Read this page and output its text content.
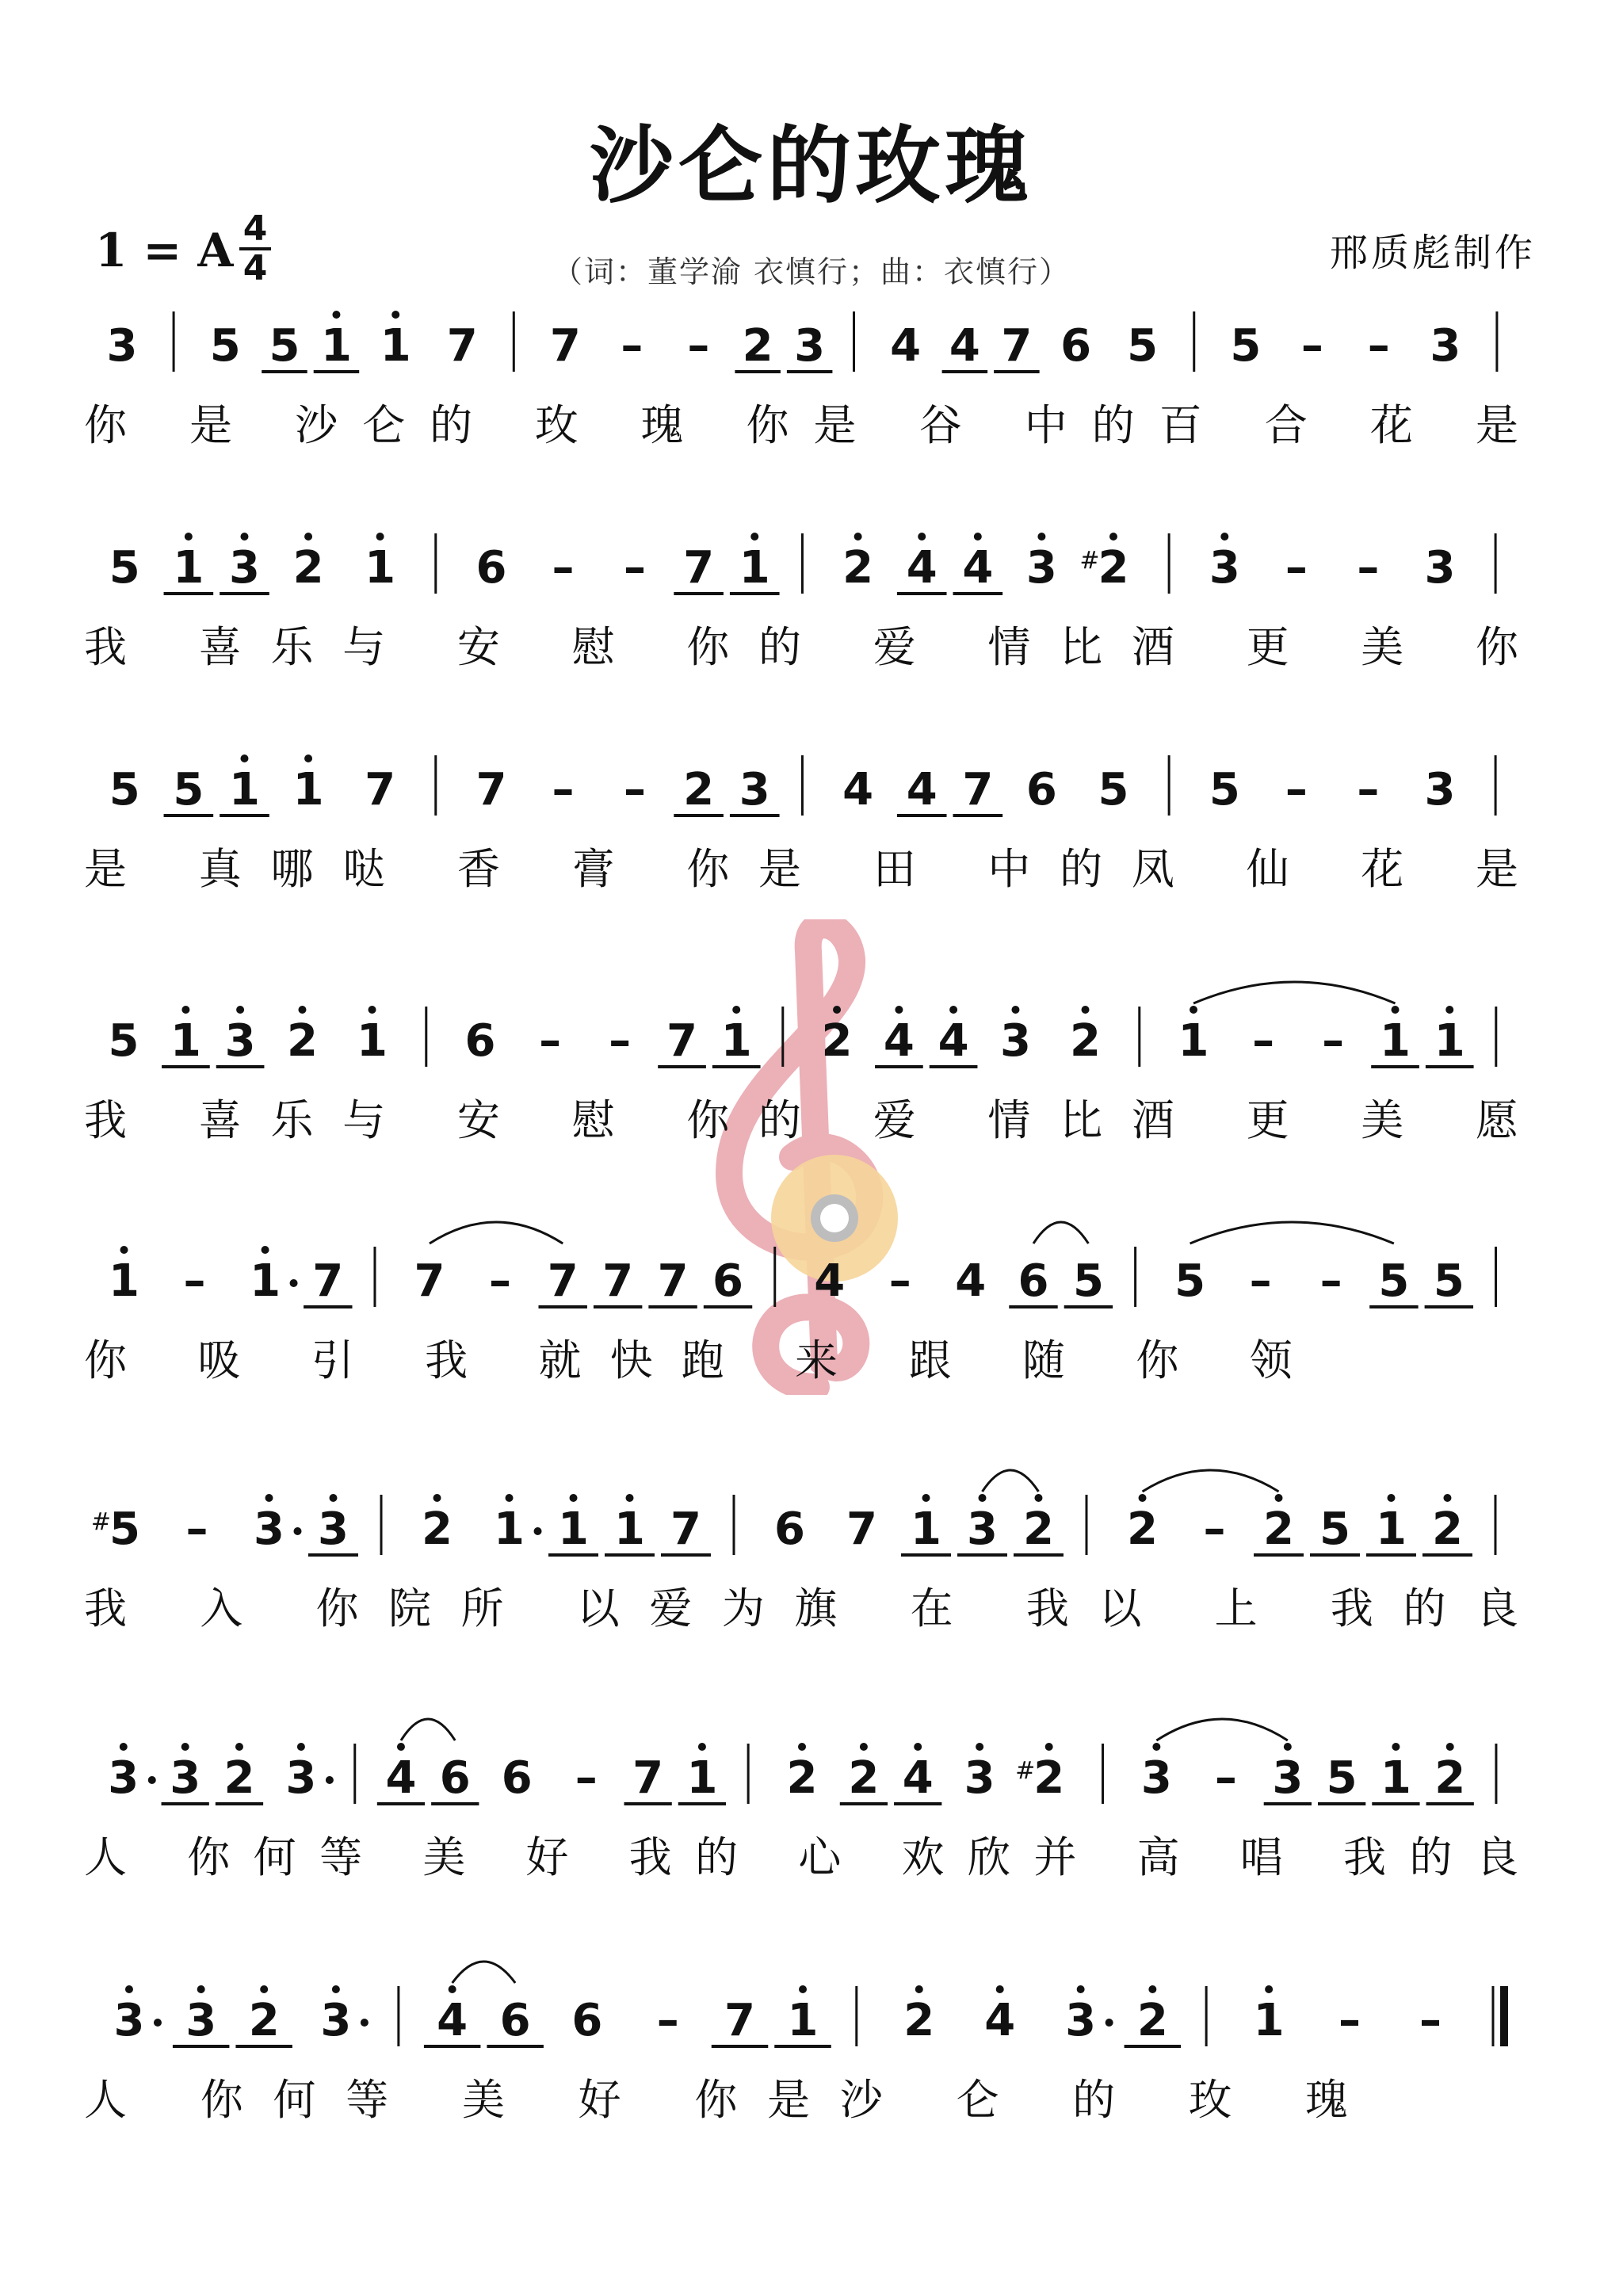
沙仑的玫瑰
1 = A 4
4	（词：董学渝 衣慎行；曲：衣慎行）	邢质彪制作
3 5 5 1 1 7 7 – – 2 3 4 4 7 6 5 5 – – 3
你 是 沙仑的 玫 瑰 你是 谷 中的百 合 花 是
5 1 3 2 1 6 – – 7 1 2 4 4 3 2
# 3 – – 3
我 喜乐与 安 慰 你的 爱 情比酒 更 美 你
5 5 1 1 7 7 – – 2 3 4 4 7 6 5 5 – – 3
是 真哪哒 香 膏 你是 田 中的凤 仙 花 是
5 1 3 2 1 6 – – 7 1 2 4 4 3 2 1 – – 1 1
我 喜乐与 安 慰 你的 爱 情比酒 更 美 愿
1 – 1 7 7 – 7 7 7 6 4 – 4 6 5 5 – – 5 5
你 吸 引 我 就快跑 来 跟 随 你 领
5
# – 3 3 2 1 1 1 7 6 7 1 3 2 2 – 2 5 1 2
我 入 你院所 以爱为旗 在 我以 上 我的良
3 3 2 3 4 6 6 – 7 1 2 2 4 3 2
# 3 – 3 5 1 2
人 你何等 美 好 我的 心 欢欣并 高 唱 我的良
3 3 2 3 4 6 6 – 7 1 2 4 3 2 1 – –
人 你何等 美 好 你是沙 仑 的 玫 瑰
